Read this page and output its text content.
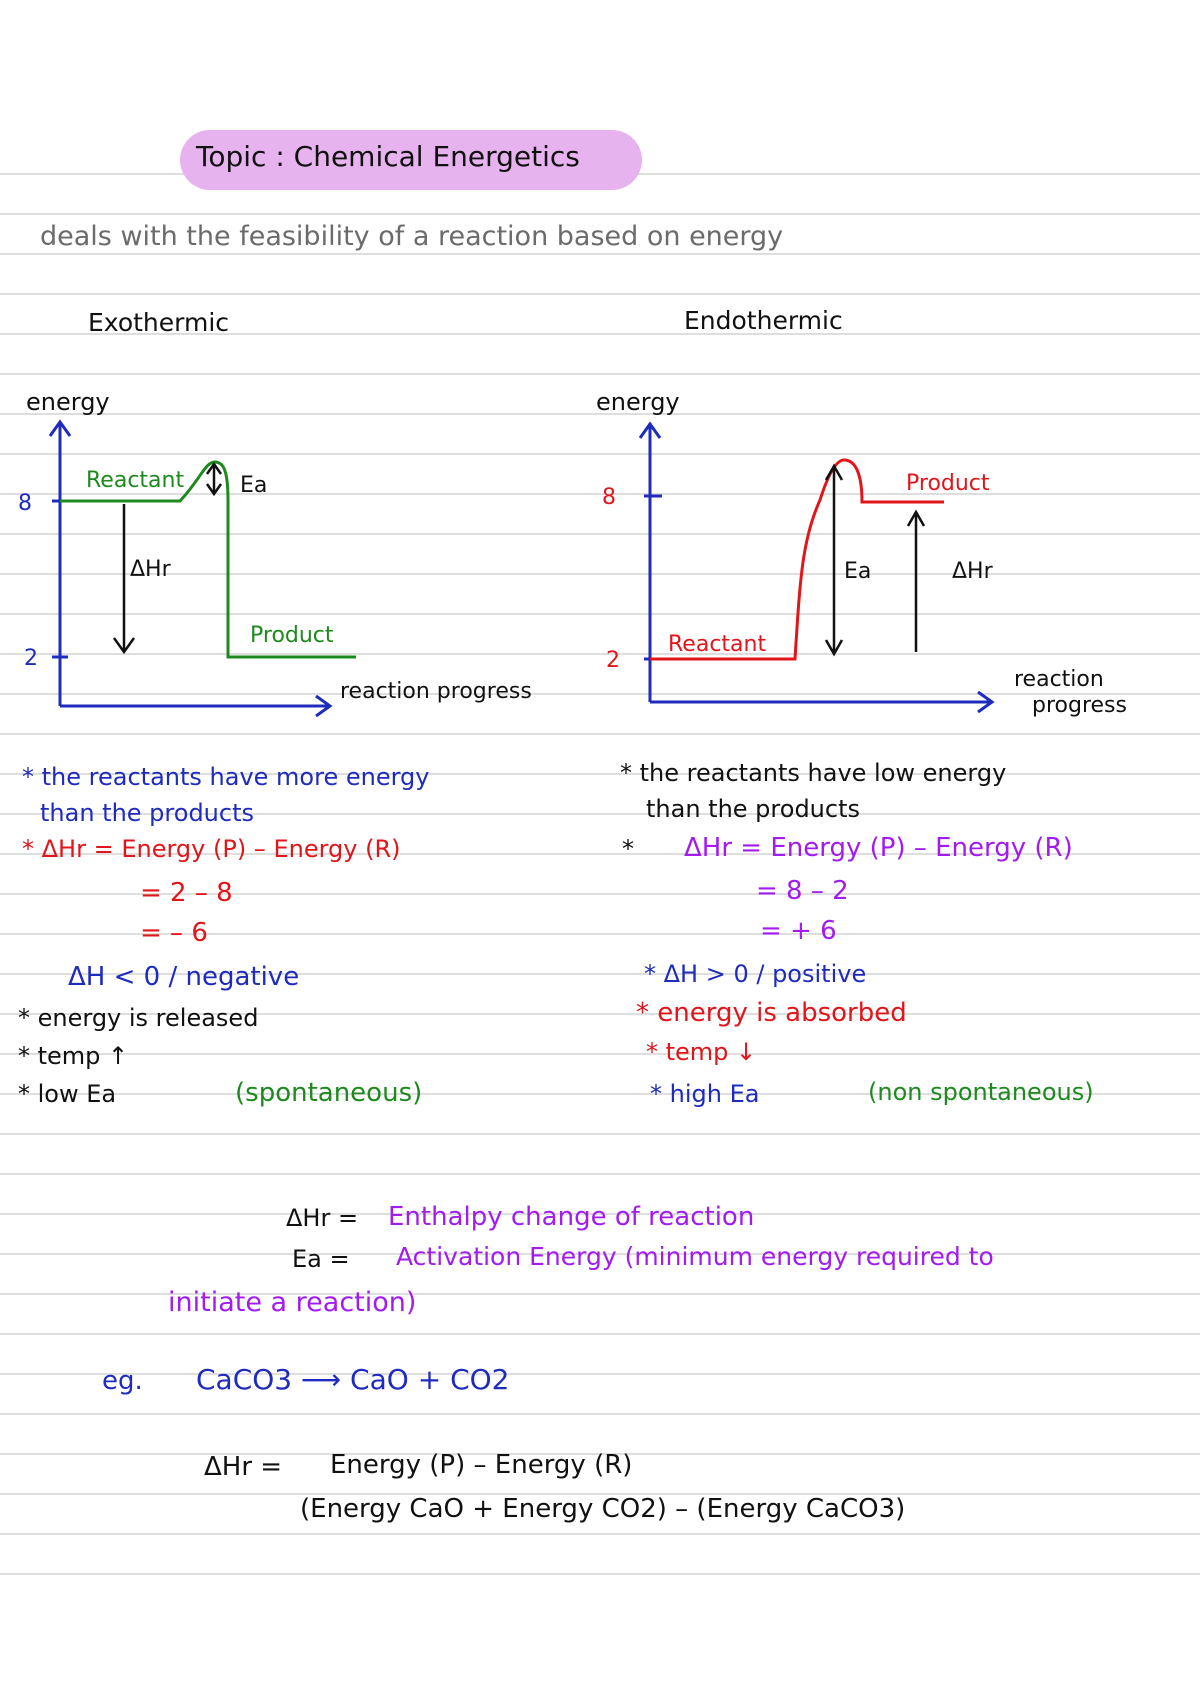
Topic : Chemical Energetics
deals with the feasibility of a reaction based on energy
Exothermic	Endothermic
energy
8
2
Reactant	Ea
ΔHr
Product
reaction progress
energy
8
2
Reactant
Product
Ea	ΔHr
reaction
progress
* the reactants have more energy
than the products
* ΔHr = Energy (P) – Energy (R)
= 2 – 8
= – 6
ΔH < 0 / negative
* energy is released
* temp ↑
* low Ea	(spontaneous)
* the reactants have low energy
than the products
* ΔHr = Energy (P) – Energy (R)
= 8 – 2
= + 6
* ΔH > 0 / positive
* energy is absorbed
* temp ↓
* high Ea	(non spontaneous)
ΔHr = Enthalpy change of reaction
Ea = Activation Energy (minimum energy required to
initiate a reaction)
eg. CaCO3 ⟶ CaO + CO2
ΔHr = Energy (P) – Energy (R)
(Energy CaO + Energy CO2) – (Energy CaCO3)
